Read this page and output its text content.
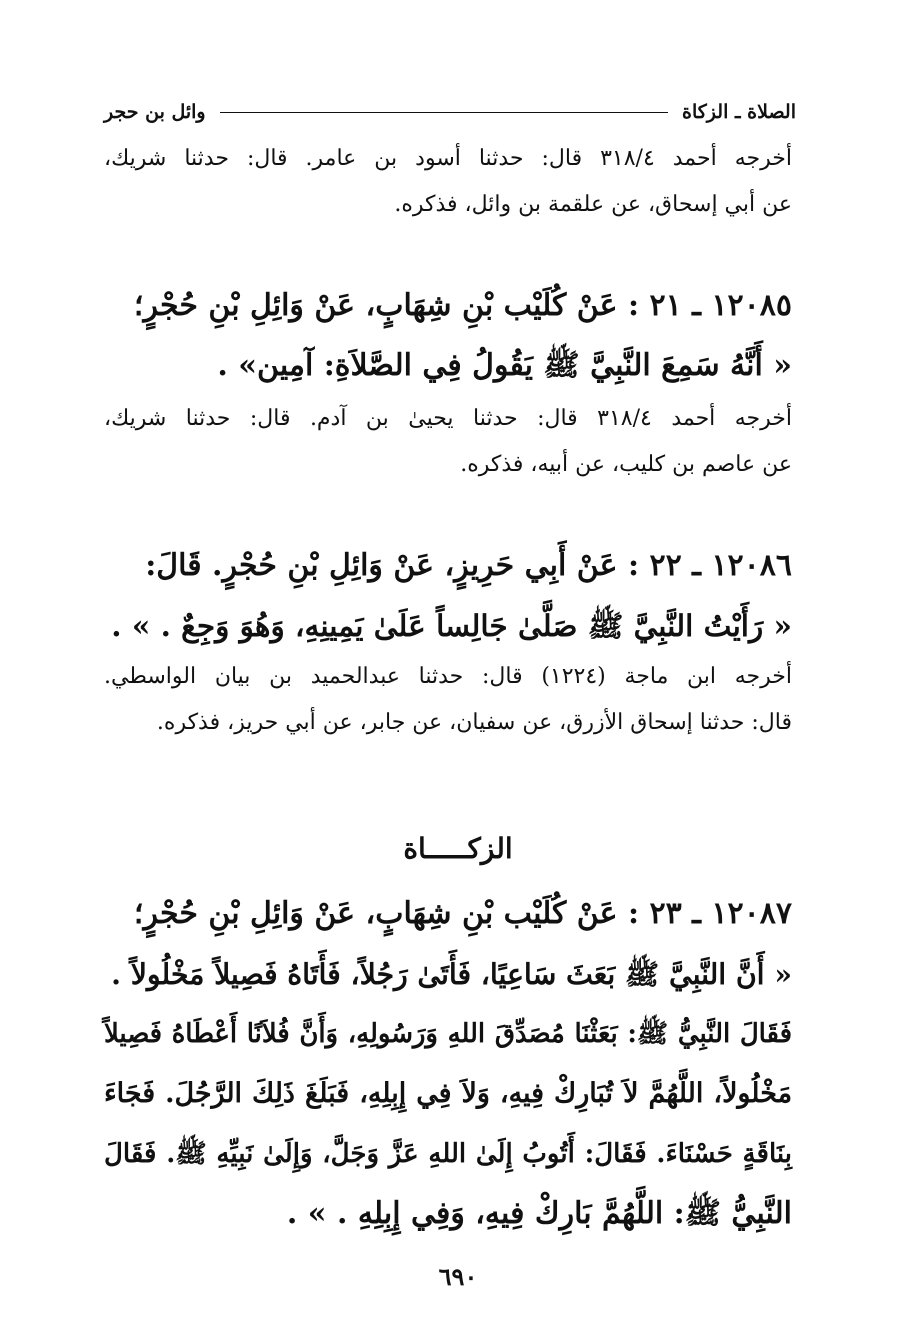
الصلاة ـ الزكاة
وائل بن حجر
أخرجه أحمد ٣١٨/٤ قال: حدثنا أسود بن عامر. قال: حدثنا شريك،
عن أبي إسحاق، عن علقمة بن وائل، فذكره.
١٢٠٨٥ ـ ٢١ : عَنْ كُلَيْب بْنِ شِهَابٍ، عَنْ وَائِلِ بْنِ حُجْرٍ؛
« أَنَّهُ سَمِعَ النَّبِيَّ ﷺ يَقُولُ فِي الصَّلاَةِ: آمِين» .
أخرجه أحمد ٣١٨/٤ قال: حدثنا يحيىٰ بن آدم. قال: حدثنا شريك،
عن عاصم بن كليب، عن أبيه، فذكره.
١٢٠٨٦ ـ ٢٢ : عَنْ أَبِي حَرِيزٍ، عَنْ وَائِلِ بْنِ حُجْرٍ. قَالَ:
« رَأَيْتُ النَّبِيَّ ﷺ صَلَّىٰ جَالِساً عَلَىٰ يَمِينِهِ، وَهُوَ وَجِعٌ . » .
أخرجه ابن ماجة (١٢٢٤) قال: حدثنا عبدالحميد بن بيان الواسطي.
قال: حدثنا إسحاق الأزرق، عن سفيان، عن جابر، عن أبي حريز، فذكره.
الزكـــــاة
١٢٠٨٧ ـ ٢٣ : عَنْ كُلَيْب بْنِ شِهَابٍ، عَنْ وَائِلِ بْنِ حُجْرٍ؛
« أَنَّ النَّبِيَّ ﷺ بَعَثَ سَاعِيًا، فَأَتَىٰ رَجُلاً، فَأَتَاهُ فَصِيلاً مَخْلُولاً .
فَقَالَ النَّبِيُّ ﷺ: بَعَثْنَا مُصَدِّقَ اللهِ وَرَسُولِهِ، وَأَنَّ فُلاَنًا أَعْطَاهُ فَصِيلاً
مَخْلُولاً، اللَّهُمَّ لاَ تُبَارِكْ فِيهِ، وَلاَ فِي إِبِلِهِ، فَبَلَغَ ذَلِكَ الرَّجُلَ. فَجَاءَ
بِنَاقَةٍ حَسْنَاءَ. فَقَالَ: أَتُوبُ إِلَىٰ اللهِ عَزَّ وَجَلَّ، وَإِلَىٰ نَبِيِّهِ ﷺ. فَقَالَ
النَّبِيُّ ﷺ: اللَّهُمَّ بَارِكْ فِيهِ، وَفِي إِبِلِهِ . » .
٦٩٠
